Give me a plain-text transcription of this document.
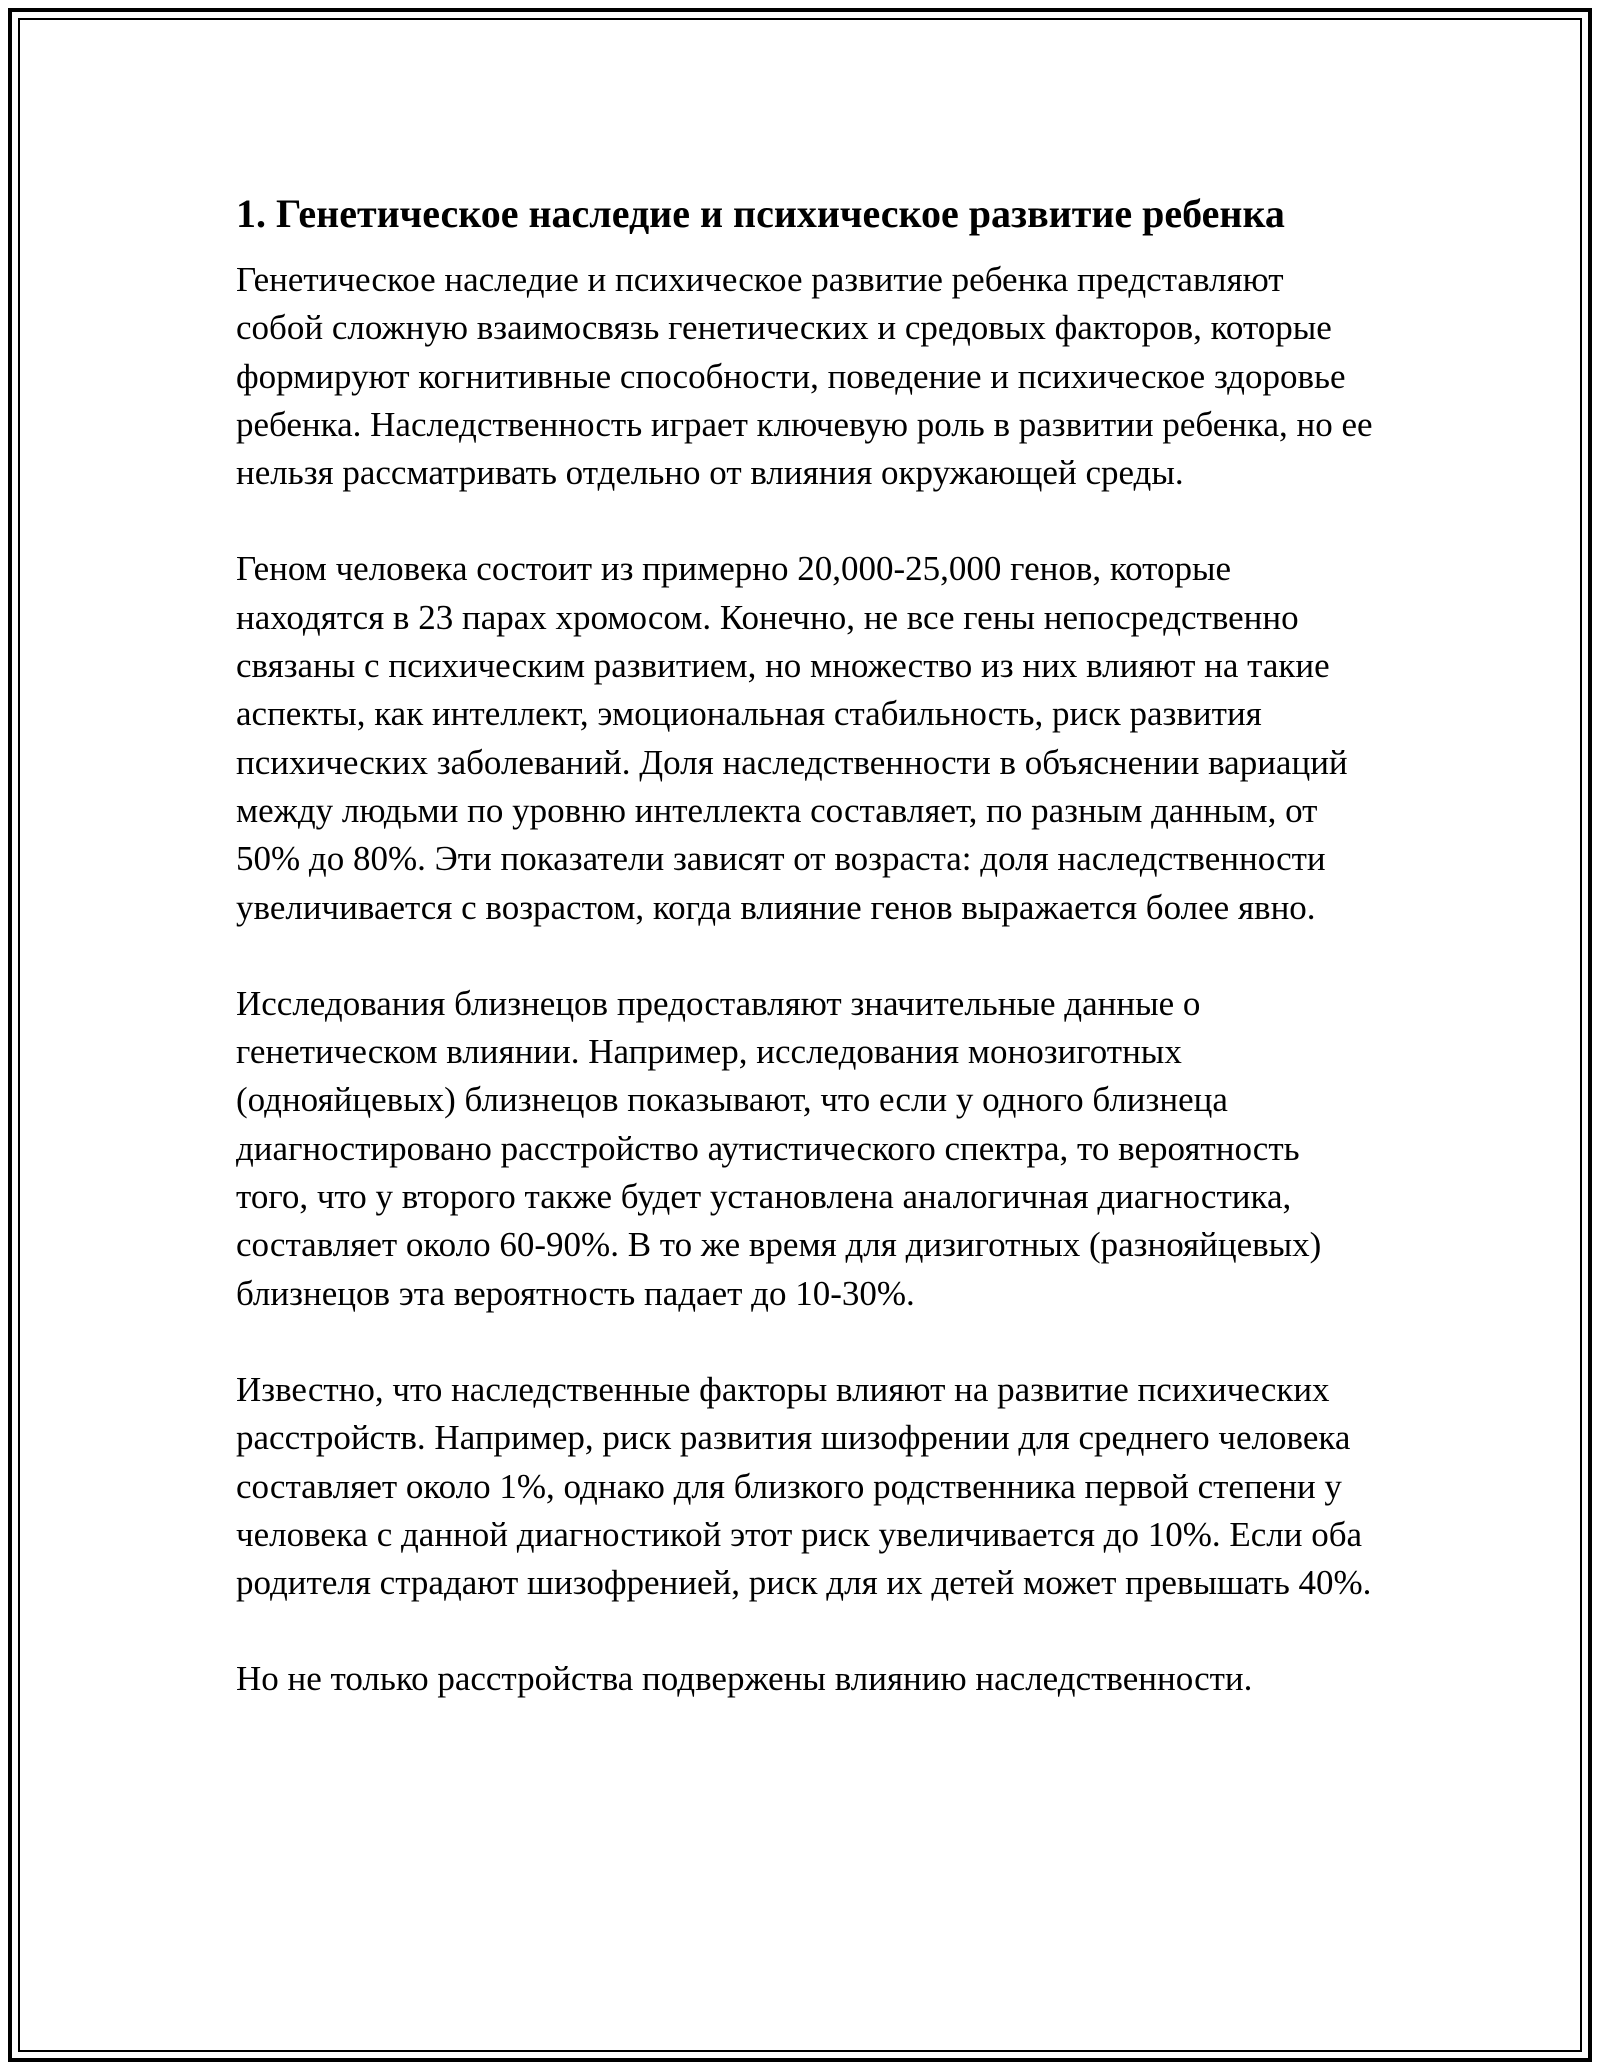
1. Генетическое наследие и психическое развитие ребенка

Генетическое наследие и психическое развитие ребенка представляют собой сложную взаимосвязь генетических и средовых факторов, которые формируют когнитивные способности, поведение и психическое здоровье ребенка. Наследственность играет ключевую роль в развитии ребенка, но ее нельзя рассматривать отдельно от влияния окружающей среды.

Геном человека состоит из примерно 20,000-25,000 генов, которые находятся в 23 парах хромосом. Конечно, не все гены непосредственно связаны с психическим развитием, но множество из них влияют на такие аспекты, как интеллект, эмоциональная стабильность, риск развития психических заболеваний. Доля наследственности в объяснении вариаций между людьми по уровню интеллекта составляет, по разным данным, от 50% до 80%. Эти показатели зависят от возраста: доля наследственности увеличивается с возрастом, когда влияние генов выражается более явно.

Исследования близнецов предоставляют значительные данные о генетическом влиянии. Например, исследования монозиготных (однояйцевых) близнецов показывают, что если у одного близнеца диагностировано расстройство аутистического спектра, то вероятность того, что у второго также будет установлена аналогичная диагностика, составляет около 60-90%. В то же время для дизиготных (разнояйцевых) близнецов эта вероятность падает до 10-30%.

Известно, что наследственные факторы влияют на развитие психических расстройств. Например, риск развития шизофрении для среднего человека составляет около 1%, однако для близкого родственника первой степени у человека с данной диагностикой этот риск увеличивается до 10%. Если оба родителя страдают шизофренией, риск для их детей может превышать 40%.

Но не только расстройства подвержены влиянию наследственности.
